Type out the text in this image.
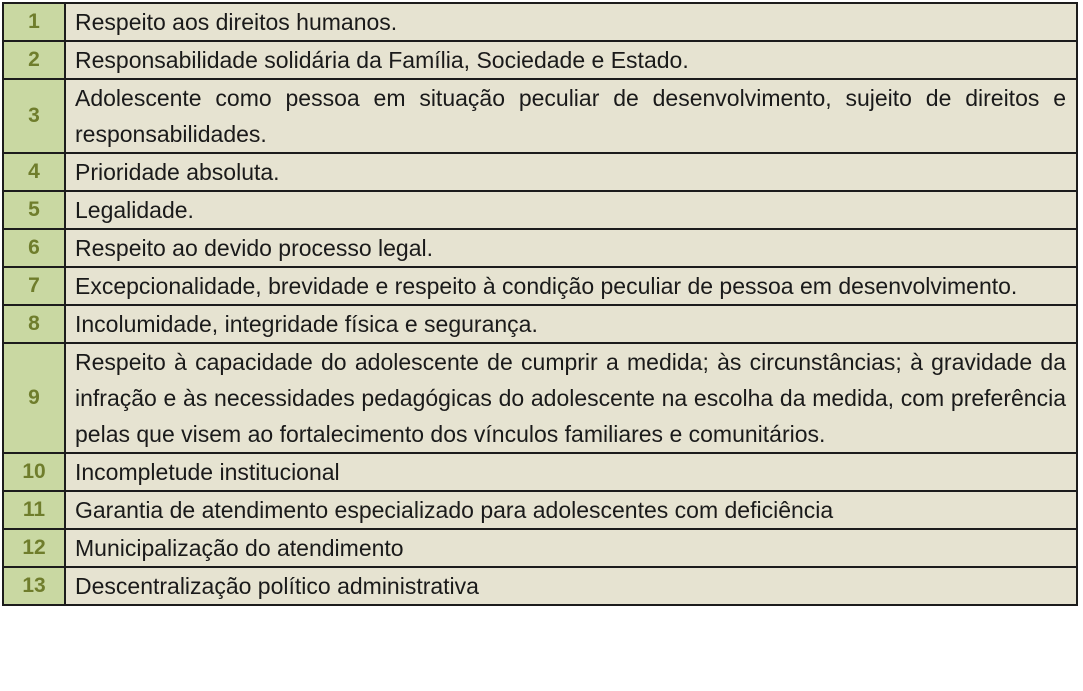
1	Respeito aos direitos humanos.
2	Responsabilidade solidária da Família, Sociedade e Estado.
3	Adolescente como pessoa em situação peculiar de desenvolvimento, sujeito de direitos e responsabilidades.
4	Prioridade absoluta.
5	Legalidade.
6	Respeito ao devido processo legal.
7	Excepcionalidade, brevidade e respeito à condição peculiar de pessoa em desenvolvimento.
8	Incolumidade, integridade física e segurança.
9	Respeito à capacidade do adolescente de cumprir a medida; às circunstâncias; à gravidade da infração e às necessidades pedagógicas do adolescente na escolha da medida, com preferência pelas que visem ao fortalecimento dos vínculos familiares e comunitários.
10	Incompletude institucional
11	Garantia de atendimento especializado para adolescentes com deficiência
12	Municipalização do atendimento
13	Descentralização político administrativa
